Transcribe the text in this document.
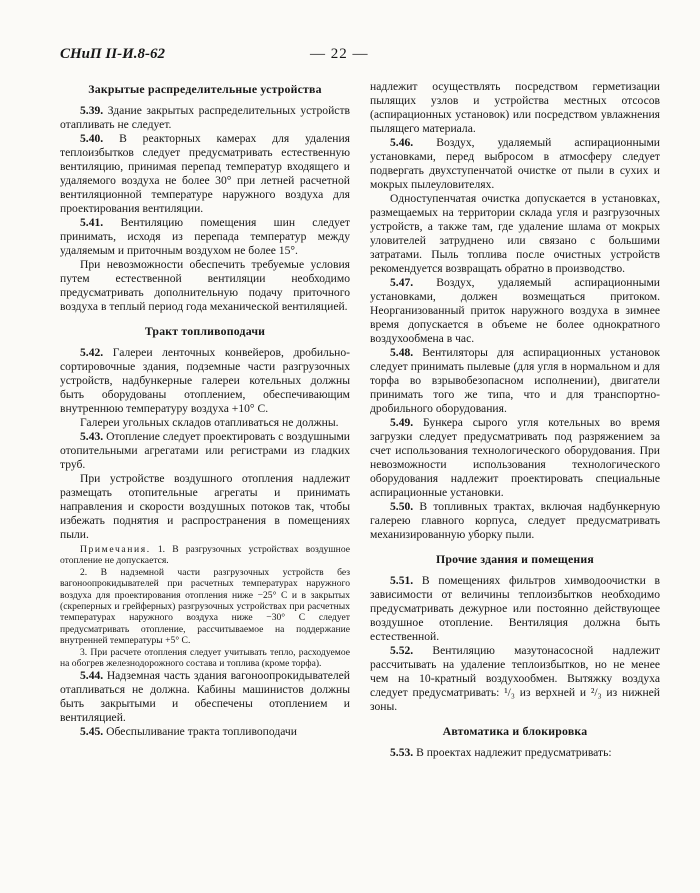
СНиП II-И.8-62	— 22 —
Закрытые распределительные устройства

5.39. Здание закрытых распределительных устройств отапливать не следует.

5.40. В реакторных камерах для удаления теплоизбытков следует предусматривать естественную вентиляцию, принимая перепад температур входящего и удаляемого воздуха не более 30° при летней расчетной вентиляционной температуре наружного воздуха для проектирования вентиляции.

5.41. Вентиляцию помещения шин следует принимать, исходя из перепада температур между удаляемым и приточным воздухом не более 15°.

При невозможности обеспечить требуемые условия путем естественной вентиляции необходимо предусматривать дополнительную подачу приточного воздуха в теплый период года механической вентиляцией.

Тракт топливоподачи

5.42. Галереи ленточных конвейеров, дробильно-сортировочные здания, подземные части разгрузочных устройств, надбункерные галереи котельных должны быть оборудованы отоплением, обеспечивающим внутреннюю температуру воздуха +10° С.

Галереи угольных складов отапливаться не должны.

5.43. Отопление следует проектировать с воздушными отопительными агрегатами или регистрами из гладких труб.

При устройстве воздушного отопления надлежит размещать отопительные агрегаты и принимать направления и скорости воздушных потоков так, чтобы избежать поднятия и распространения в помещениях пыли.

Примечания. 1. В разгрузочных устройствах воздушное отопление не допускается.

2. В надземной части разгрузочных устройств без вагоноопрокидывателей при расчетных температурах наружного воздуха для проектирования отопления ниже −25° С и в закрытых (скреперных и грейферных) разгрузочных устройствах при расчетных температурах наружного воздуха ниже −30° С следует предусматривать отопление, рассчитываемое на поддержание внутренней температуры +5° С.

3. При расчете отопления следует учитывать тепло, расходуемое на обогрев железнодорожного состава и топлива (кроме торфа).

5.44. Надземная часть здания вагоноопрокидывателей отапливаться не должна. Кабины машинистов должны быть закрытыми и обеспечены отоплением и вентиляцией.

5.45. Обеспыливание тракта топливоподачи

надлежит осуществлять посредством герметизации пылящих узлов и устройства местных отсосов (аспирационных установок) или посредством увлажнения пылящего материала.

5.46. Воздух, удаляемый аспирационными установками, перед выбросом в атмосферу следует подвергать двухступенчатой очистке от пыли в сухих и мокрых пылеуловителях.

Одноступенчатая очистка допускается в установках, размещаемых на территории склада угля и разгрузочных устройств, а также там, где удаление шлама от мокрых уловителей затруднено или связано с большими затратами. Пыль топлива после очистных устройств рекомендуется возвращать обратно в производство.

5.47. Воздух, удаляемый аспирационными установками, должен возмещаться притоком. Неорганизованный приток наружного воздуха в зимнее время допускается в объеме не более однократного воздухообмена в час.

5.48. Вентиляторы для аспирационных установок следует принимать пылевые (для угля в нормальном и для торфа во взрывобезопасном исполнении), двигатели принимать того же типа, что и для транспортно-дробильного оборудования.

5.49. Бункера сырого угля котельных во время загрузки следует предусматривать под разряжением за счет использования технологического оборудования. При невозможности использования технологического оборудования надлежит проектировать специальные аспирационные установки.

5.50. В топливных трактах, включая надбункерную галерею главного корпуса, следует предусматривать механизированную уборку пыли.

Прочие здания и помещения

5.51. В помещениях фильтров химводоочистки в зависимости от величины теплоизбытков необходимо предусматривать дежурное или постоянно действующее воздушное отопление. Вентиляция должна быть естественной.

5.52. Вентиляцию мазутонасосной надлежит рассчитывать на удаление теплоизбытков, но не менее чем на 10-кратный воздухообмен. Вытяжку воздуха следует предусматривать: ¹/₃ из верхней и ²/₃ из нижней зоны.

Автоматика и блокировка

5.53. В проектах надлежит предусматривать:
